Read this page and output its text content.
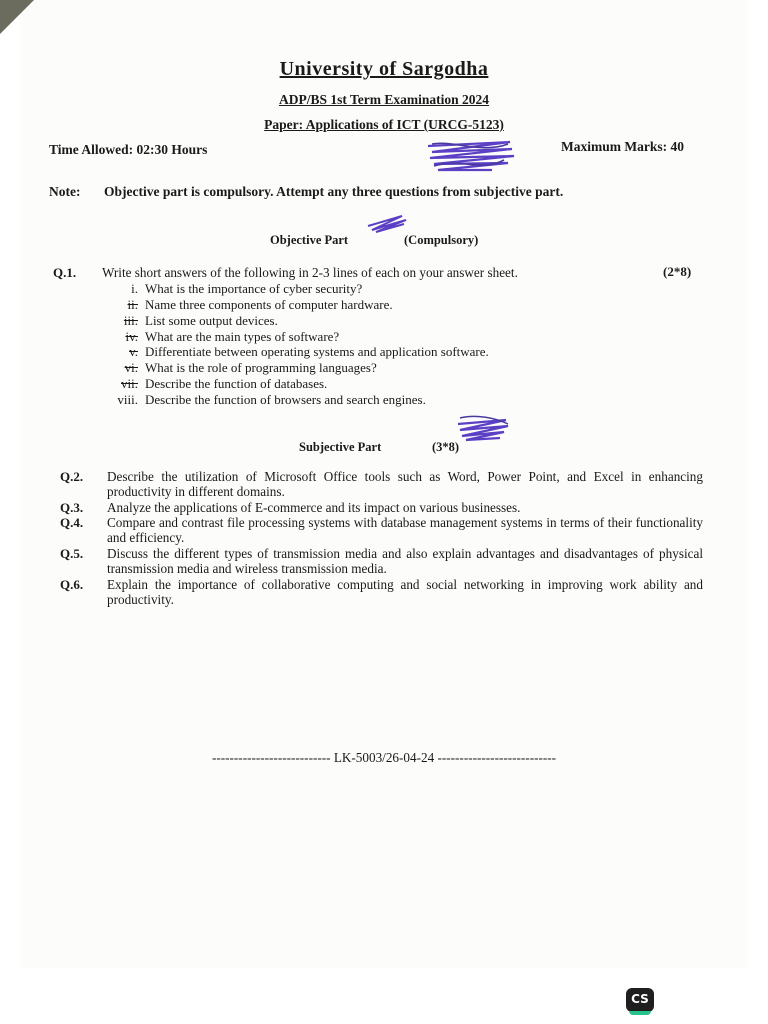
University of Sargodha
ADP/BS 1st Term Examination 2024
Paper: Applications of ICT (URCG-5123)
Time Allowed: 02:30 Hours	Maximum Marks: 40
Note: Objective part is compulsory. Attempt any three questions from subjective part.
Objective Part	(Compulsory)
Q.1. Write short answers of the following in 2-3 lines of each on your answer sheet.	(2*8)
i. What is the importance of cyber security?
ii. Name three components of computer hardware.
iii. List some output devices.
iv. What are the main types of software?
v. Differentiate between operating systems and application software.
vi. What is the role of programming languages?
vii. Describe the function of databases.
viii. Describe the function of browsers and search engines.
Subjective Part	(3*8)
Q.2. Describe the utilization of Microsoft Office tools such as Word, Power Point, and Excel in enhancing productivity in different domains.
Q.3. Analyze the applications of E-commerce and its impact on various businesses.
Q.4. Compare and contrast file processing systems with database management systems in terms of their functionality and efficiency.
Q.5. Discuss the different types of transmission media and also explain advantages and disadvantages of physical transmission media and wireless transmission media.
Q.6. Explain the importance of collaborative computing and social networking in improving work ability and productivity.
--------------------------- LK-5003/26-04-24 ---------------------------
CS
